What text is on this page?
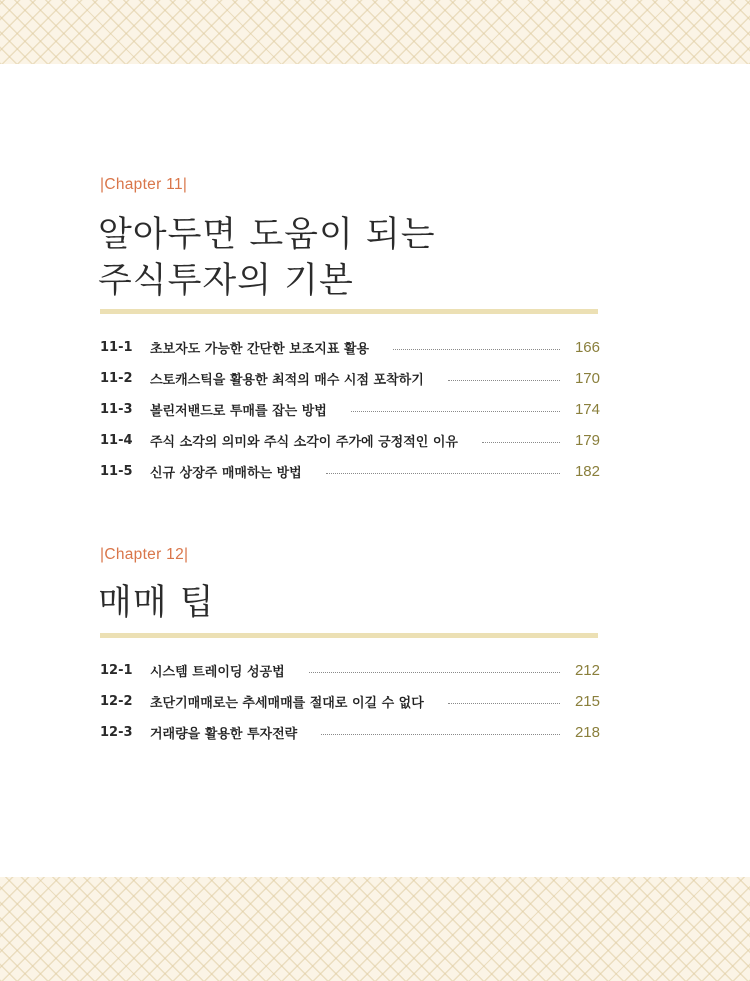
|Chapter 11|
알아두면 도움이 되는
주식투자의 기본
11-1	초보자도 가능한 간단한 보조지표 활용	166
11-2	스토캐스틱을 활용한 최적의 매수 시점 포착하기	170
11-3	볼린저밴드로 투매를 잡는 방법	174
11-4	주식 소각의 의미와 주식 소각이 주가에 긍정적인 이유	179
11-5	신규 상장주 매매하는 방법	182
|Chapter 12|
매매 팁
12-1	시스템 트레이딩 성공법	212
12-2	초단기매매로는 추세매매를 절대로 이길 수 없다	215
12-3	거래량을 활용한 투자전략	218
